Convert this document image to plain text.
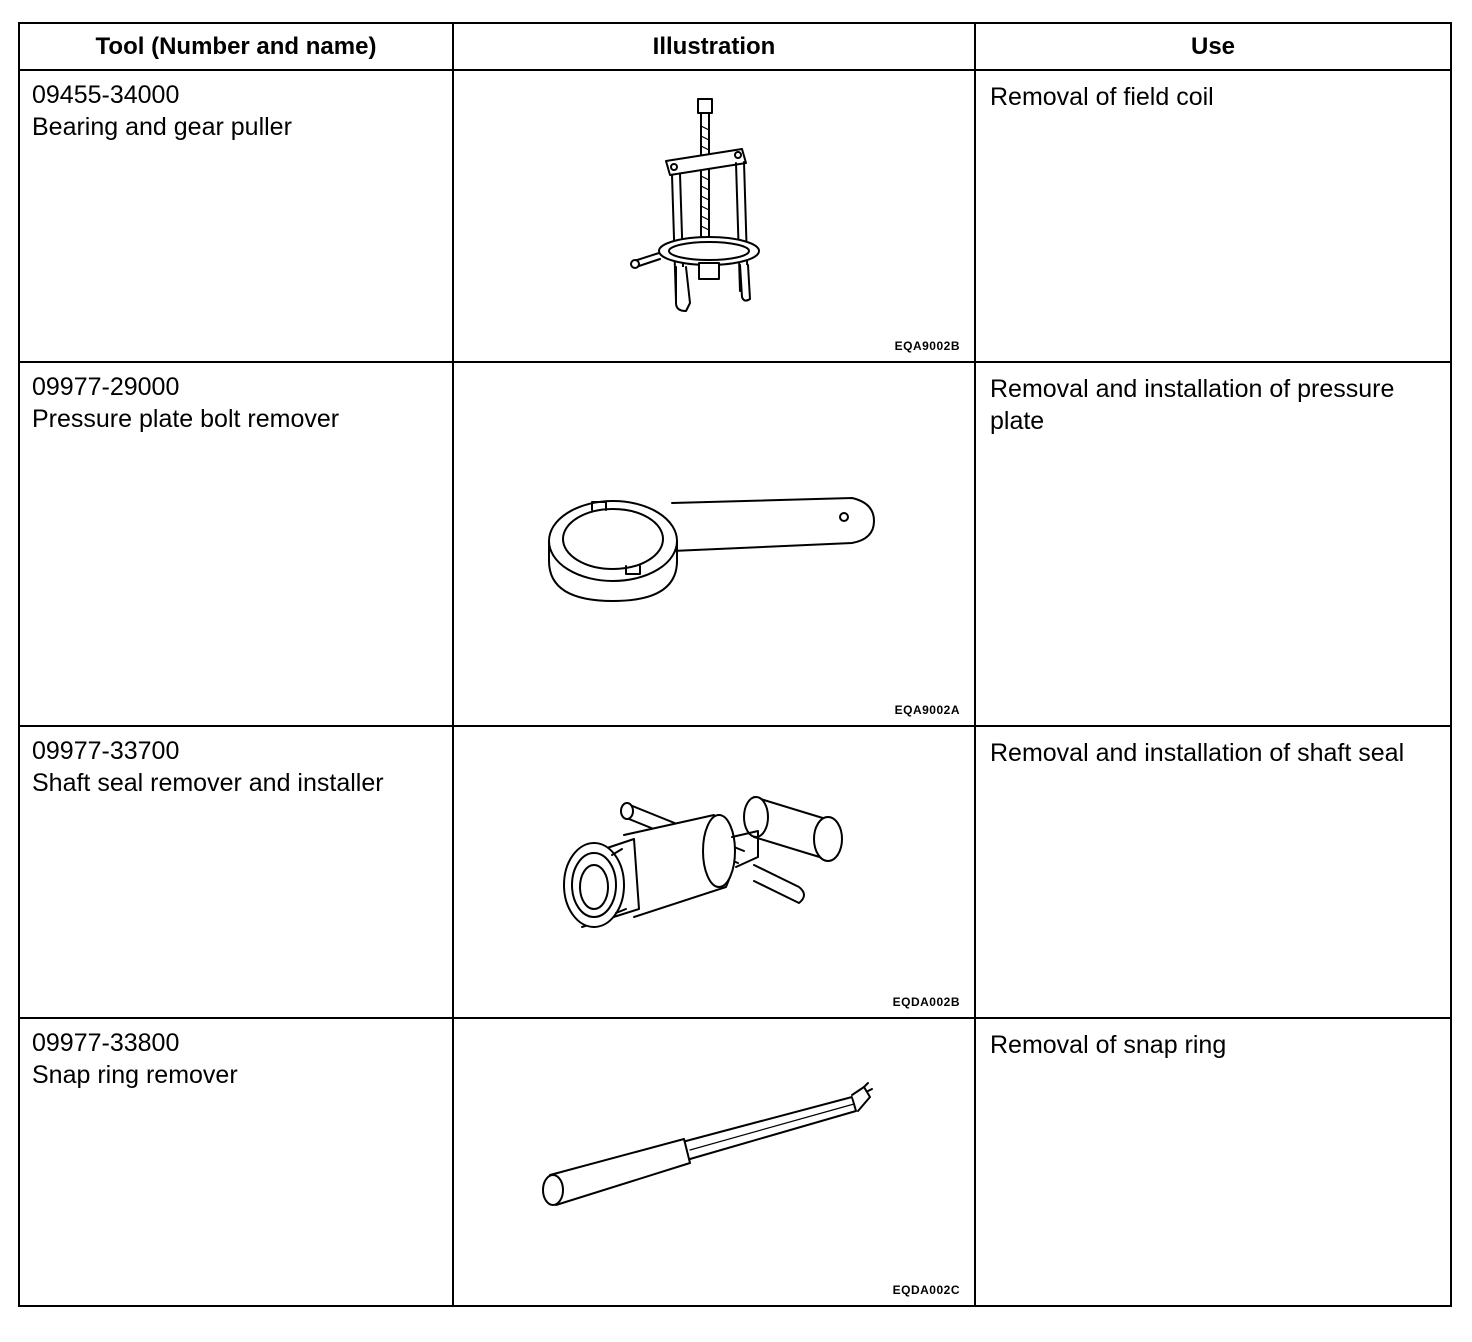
Tool (Number and name)	Illustration	Use

09455-34000
Bearing and gear puller	EQA9002B	Removal of field coil

09977-29000
Pressure plate bolt remover	EQA9002A	Removal and installation of pressure plate

09977-33700
Shaft seal remover and installer	EQDA002B	Removal and installation of shaft seal

09977-33800
Snap ring remover	EQDA002C	Removal of snap ring
